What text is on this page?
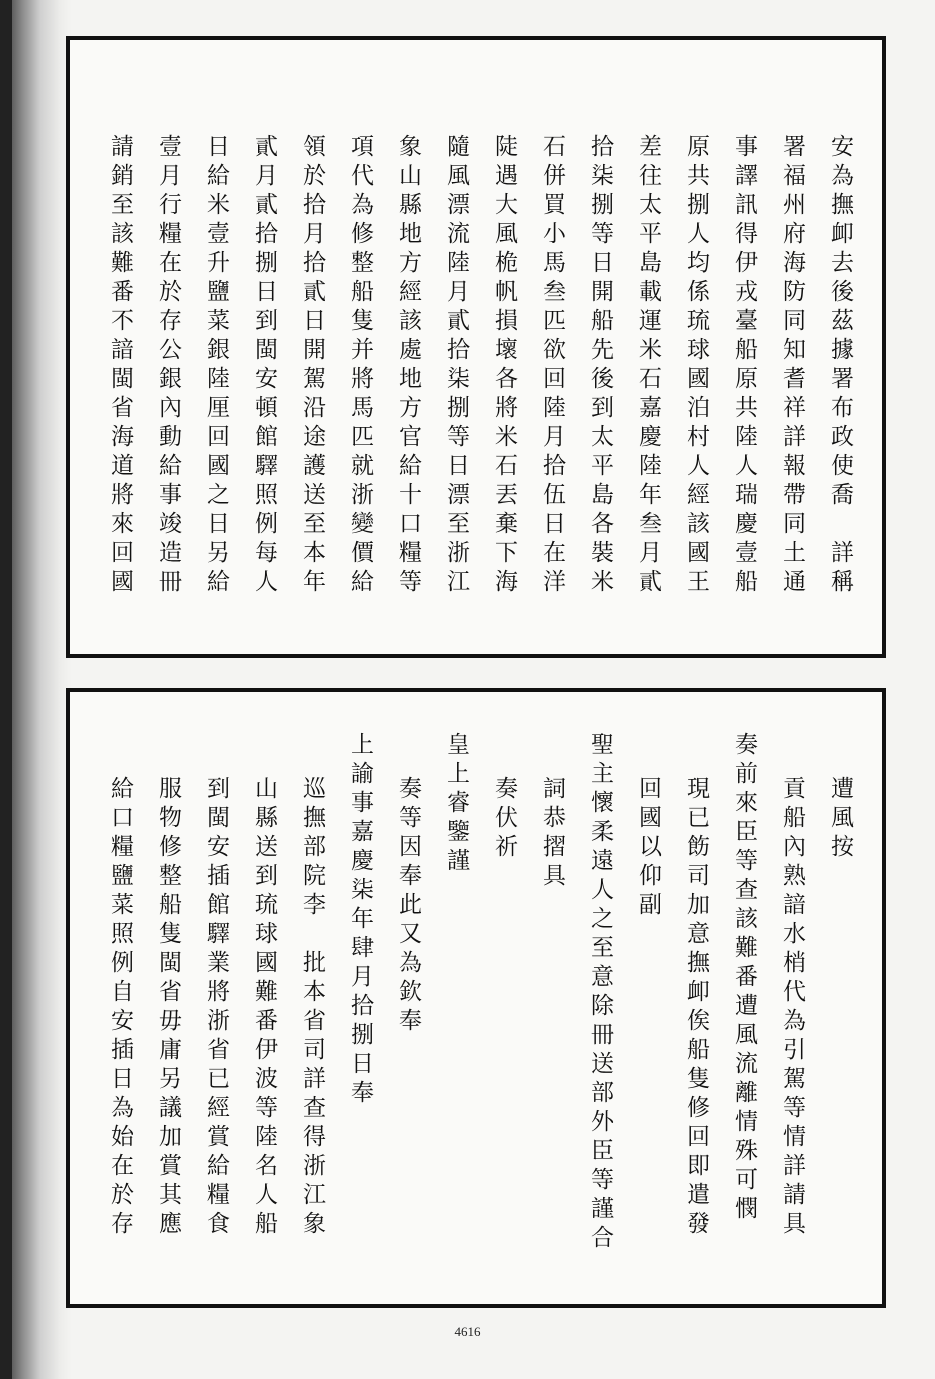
安為撫卹去後茲據署布政使喬　詳稱
署福州府海防同知耆祥詳報帶同土通
事譯訊得伊戎臺船原共陸人瑞慶壹船
原共捌人均係琉球國泊村人經該國王
差往太平島載運米石嘉慶陸年叁月貳
拾柒捌等日開船先後到太平島各裝米
石併買小馬叁匹欲回陸月拾伍日在洋
陡遇大風桅帆損壞各將米石丟棄下海
隨風漂流陸月貳拾柒捌等日漂至浙江
象山縣地方經該處地方官給十口糧等
項代為修整船隻并將馬匹就浙變價給
領於拾月拾貳日開駕沿途護送至本年
貳月貳拾捌日到閩安頓館驛照例每人
日給米壹升鹽菜銀陸厘回國之日另給
壹月行糧在於存公銀內動給事竣造冊
請銷至該難番不諳閩省海道將來回國
遭風按
貢船內熟諳水梢代為引駕等情詳請具
奏前來臣等查該難番遭風流離情殊可憫
現已飭司加意撫卹俟船隻修回即遣發
回國以仰副
聖主懷柔遠人之至意除冊送部外臣等謹合
詞恭摺具
奏伏祈
皇上睿鑒謹
奏等因奉此又為欽奉
上諭事嘉慶柒年肆月拾捌日奉
巡撫部院李　批本省司詳查得浙江象
山縣送到琉球國難番伊波等陸名人船
到閩安插館驛業將浙省已經賞給糧食
服物修整船隻閩省毋庸另議加賞其應
給口糧鹽菜照例自安插日為始在於存
4616
